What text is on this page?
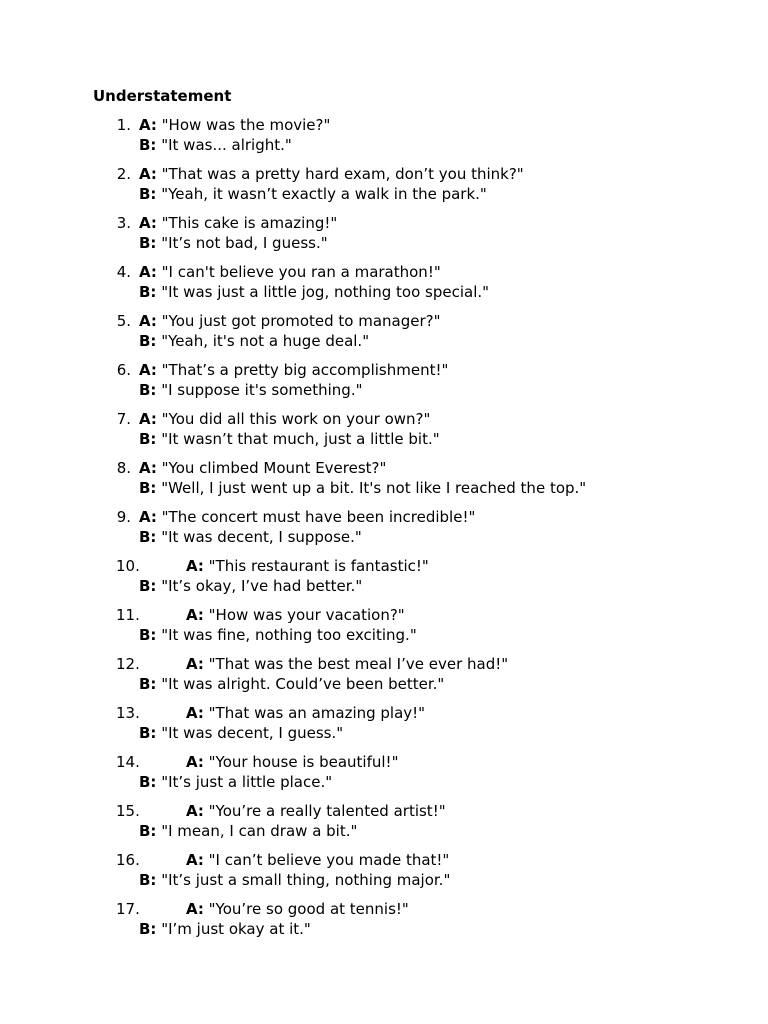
Understatement
1. A: "How was the movie?"
B: "It was... alright."
2. A: "That was a pretty hard exam, don’t you think?"
B: "Yeah, it wasn’t exactly a walk in the park."
3. A: "This cake is amazing!"
B: "It’s not bad, I guess."
4. A: "I can't believe you ran a marathon!"
B: "It was just a little jog, nothing too special."
5. A: "You just got promoted to manager?"
B: "Yeah, it's not a huge deal."
6. A: "That’s a pretty big accomplishment!"
B: "I suppose it's something."
7. A: "You did all this work on your own?"
B: "It wasn’t that much, just a little bit."
8. A: "You climbed Mount Everest?"
B: "Well, I just went up a bit. It's not like I reached the top."
9. A: "The concert must have been incredible!"
B: "It was decent, I suppose."
10.	A: "This restaurant is fantastic!"
B: "It’s okay, I’ve had better."
11.	A: "How was your vacation?"
B: "It was fine, nothing too exciting."
12.	A: "That was the best meal I’ve ever had!"
B: "It was alright. Could’ve been better."
13.	A: "That was an amazing play!"
B: "It was decent, I guess."
14.	A: "Your house is beautiful!"
B: "It’s just a little place."
15.	A: "You’re a really talented artist!"
B: "I mean, I can draw a bit."
16.	A: "I can’t believe you made that!"
B: "It’s just a small thing, nothing major."
17.	A: "You’re so good at tennis!"
B: "I’m just okay at it."
